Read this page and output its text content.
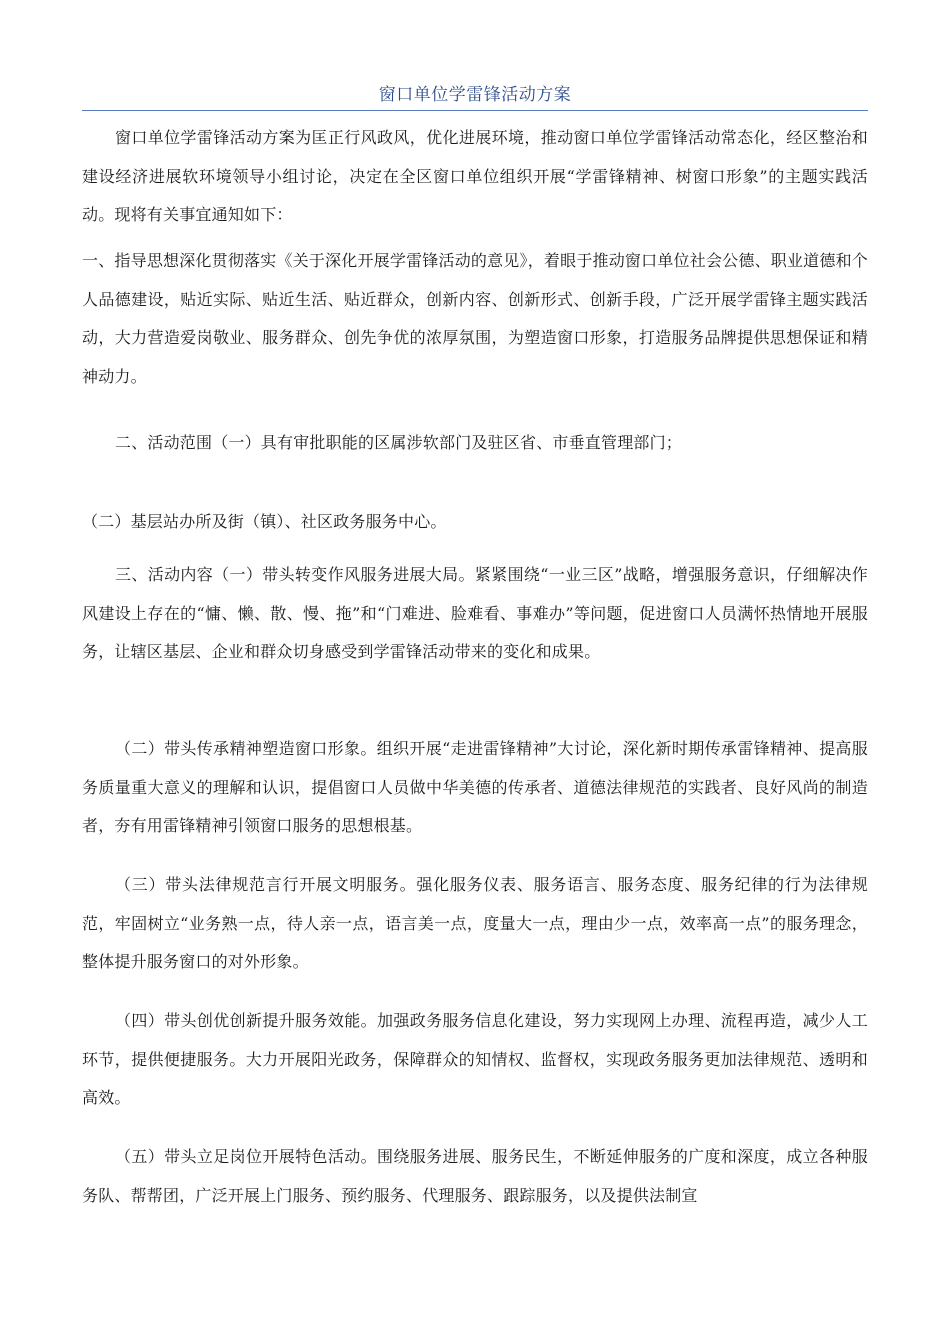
窗口单位学雷锋活动方案

窗口单位学雷锋活动方案为匡正行风政风，优化进展环境，推动窗口单位学雷锋活动常态化，经区整治和建设经济进展软环境领导小组讨论，决定在全区窗口单位组织开展“学雷锋精神、树窗口形象”的主题实践活动。现将有关事宜通知如下：

一、指导思想深化贯彻落实《关于深化开展学雷锋活动的意见》，着眼于推动窗口单位社会公德、职业道德和个人品德建设，贴近实际、贴近生活、贴近群众，创新内容、创新形式、创新手段，广泛开展学雷锋主题实践活动，大力营造爱岗敬业、服务群众、创先争优的浓厚氛围，为塑造窗口形象，打造服务品牌提供思想保证和精神动力。

二、活动范围（一）具有审批职能的区属涉软部门及驻区省、市垂直管理部门；

（二）基层站办所及街（镇）、社区政务服务中心。

三、活动内容（一）带头转变作风服务进展大局。紧紧围绕“一业三区”战略，增强服务意识，仔细解决作风建设上存在的“慵、懒、散、慢、拖”和“门难进、脸难看、事难办”等问题，促进窗口人员满怀热情地开展服务，让辖区基层、企业和群众切身感受到学雷锋活动带来的变化和成果。

（二）带头传承精神塑造窗口形象。组织开展“走进雷锋精神”大讨论，深化新时期传承雷锋精神、提高服务质量重大意义的理解和认识，提倡窗口人员做中华美德的传承者、道德法律规范的实践者、良好风尚的制造者，夯有用雷锋精神引领窗口服务的思想根基。

（三）带头法律规范言行开展文明服务。强化服务仪表、服务语言、服务态度、服务纪律的行为法律规范，牢固树立“业务熟一点，待人亲一点，语言美一点，度量大一点，理由少一点，效率高一点”的服务理念，整体提升服务窗口的对外形象。

（四）带头创优创新提升服务效能。加强政务服务信息化建设，努力实现网上办理、流程再造，减少人工环节，提供便捷服务。大力开展阳光政务，保障群众的知情权、监督权，实现政务服务更加法律规范、透明和高效。

（五）带头立足岗位开展特色活动。围绕服务进展、服务民生，不断延伸服务的广度和深度，成立各种服务队、帮帮团，广泛开展上门服务、预约服务、代理服务、跟踪服务，以及提供法制宣
